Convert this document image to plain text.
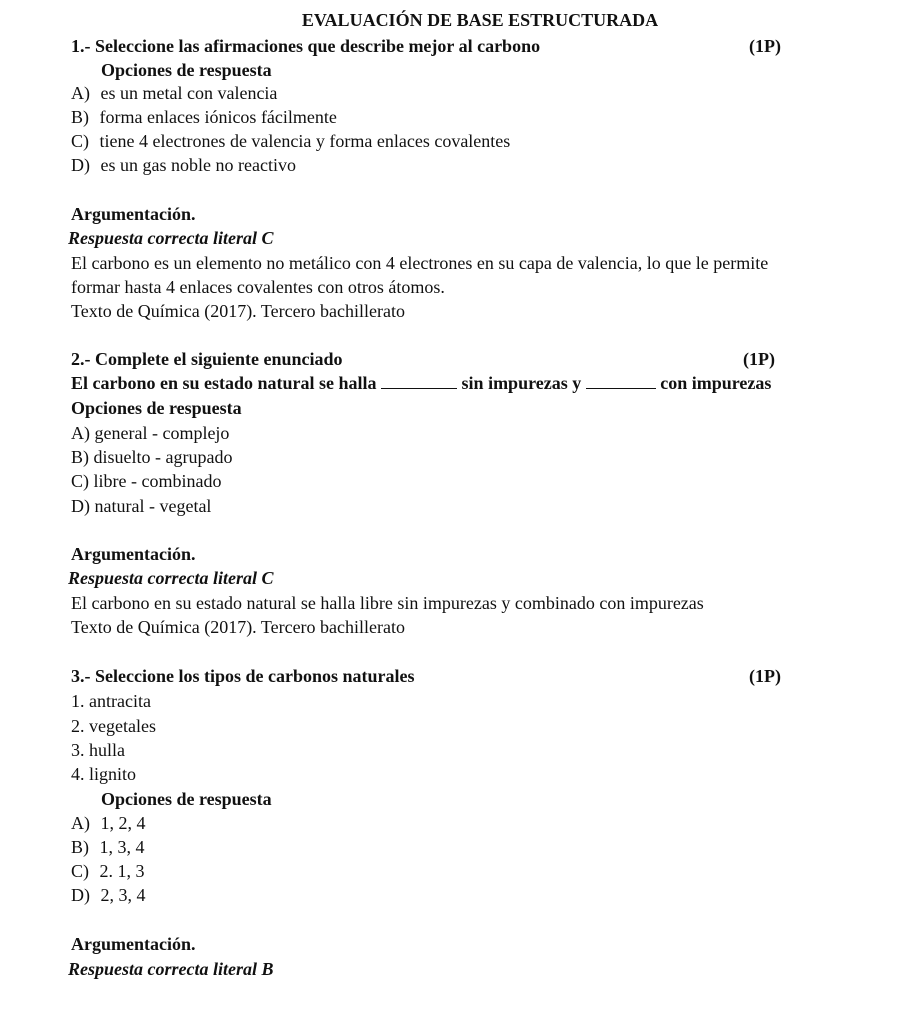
EVALUACIÓN DE BASE ESTRUCTURADA
1.- Seleccione las afirmaciones que describe mejor al carbono	(1P)
Opciones de respuesta
A) es un metal con valencia
B) forma enlaces iónicos fácilmente
C) tiene 4 electrones de valencia y forma enlaces covalentes
D) es un gas noble no reactivo
Argumentación.
Respuesta correcta literal C
El carbono es un elemento no metálico con 4 electrones en su capa de valencia, lo que le permite
formar hasta 4 enlaces covalentes con otros átomos.
Texto de Química (2017). Tercero bachillerato
2.- Complete el siguiente enunciado	(1P)
El carbono en su estado natural se halla	sin impurezas y	con impurezas
Opciones de respuesta
A) general - complejo
B) disuelto - agrupado
C) libre - combinado
D) natural - vegetal
Argumentación.
Respuesta correcta literal C
El carbono en su estado natural se halla libre sin impurezas y combinado con impurezas
Texto de Química (2017). Tercero bachillerato
3.- Seleccione los tipos de carbonos naturales	(1P)
1. antracita
2. vegetales
3. hulla
4. lignito
Opciones de respuesta
A) 1, 2, 4
B) 1, 3, 4
C) 2. 1, 3
D) 2, 3, 4
Argumentación.
Respuesta correcta literal B
